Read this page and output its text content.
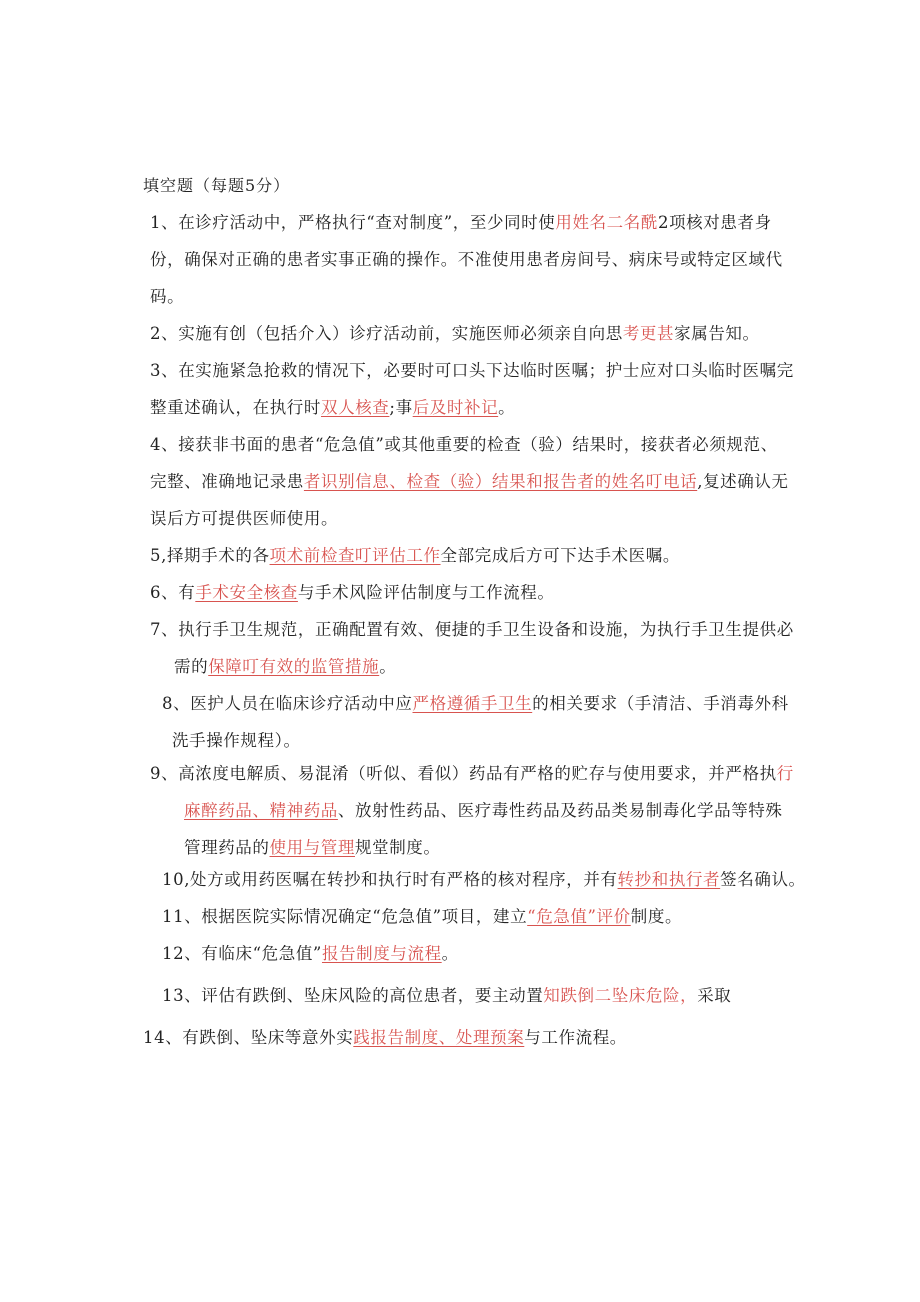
填空题（每题5分）
1、在诊疗活动中，严格执行“查对制度”，至少同时使用姓名二名酰2项核对患者身
份，确保对正确的患者实事正确的操作。不准使用患者房间号、病床号或特定区域代
码。
2、实施有创（包括介入）诊疗活动前，实施医师必须亲自向思考更甚家属告知。
3、在实施紧急抢救的情况下，必要时可口头下达临时医嘱；护士应对口头临时医嘱完
整重述确认，在执行时双人核查;事后及时补记。
4、接获非书面的患者“危急值”或其他重要的检查（验）结果时，接获者必须规范、
完整、准确地记录患者识别信息、检查（验）结果和报告者的姓名叮电话,复述确认无
误后方可提供医师使用。
5,择期手术的各项术前检查叮评估工作全部完成后方可下达手术医嘱。
6、有手术安全核查与手术风险评估制度与工作流程。
7、执行手卫生规范，正确配置有效、便捷的手卫生设备和设施，为执行手卫生提供必
需的保障叮有效的监管措施。
8、医护人员在临床诊疗活动中应严格遵循手卫生的相关要求（手清洁、手消毒外科
洗手操作规程）。
9、高浓度电解质、易混淆（听似、看似）药品有严格的贮存与使用要求，并严格执行
麻醉药品、精神药品、放射性药品、医疗毒性药品及药品类易制毒化学品等特殊
管理药品的使用与管理规堂制度。
10,处方或用药医嘱在转抄和执行时有严格的核对程序，并有转抄和执行者签名确认。
11、根据医院实际情况确定“危急值”项目，建立“危急值”评价制度。
12、有临床“危急值”报告制度与流程。
13、评估有跌倒、坠床风险的高位患者，要主动置知跌倒二坠床危险，采取
14、有跌倒、坠床等意外实践报告制度、处理预案与工作流程。
